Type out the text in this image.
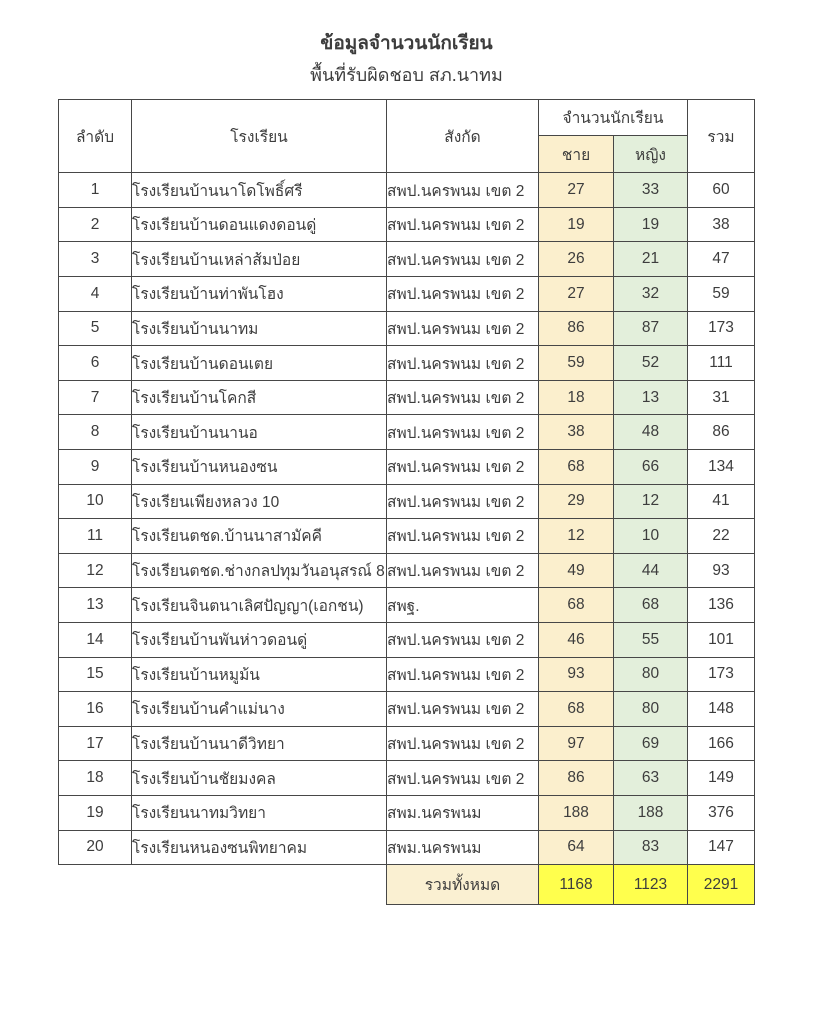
ข้อมูลจำนวนนักเรียน
พื้นที่รับผิดชอบ สภ.นาทม
ลำดับ	โรงเรียน	สังกัด	จำนวนนักเรียน		รวม
			ชาย	หญิง	
1	โรงเรียนบ้านนาโดโพธิ์ศรี	สพป.นครพนม เขต 2	27	33	60
2	โรงเรียนบ้านดอนแดงดอนดู่	สพป.นครพนม เขต 2	19	19	38
3	โรงเรียนบ้านเหล่าส้มป่อย	สพป.นครพนม เขต 2	26	21	47
4	โรงเรียนบ้านท่าพันโฮง	สพป.นครพนม เขต 2	27	32	59
5	โรงเรียนบ้านนาทม	สพป.นครพนม เขต 2	86	87	173
6	โรงเรียนบ้านดอนเตย	สพป.นครพนม เขต 2	59	52	111
7	โรงเรียนบ้านโคกสี	สพป.นครพนม เขต 2	18	13	31
8	โรงเรียนบ้านนานอ	สพป.นครพนม เขต 2	38	48	86
9	โรงเรียนบ้านหนองซน	สพป.นครพนม เขต 2	68	66	134
10	โรงเรียนเพียงหลวง 10	สพป.นครพนม เขต 2	29	12	41
11	โรงเรียนตชด.บ้านนาสามัคคี	สพป.นครพนม เขต 2	12	10	22
12	โรงเรียนตชด.ช่างกลปทุมวันอนุสรณ์ 8	สพป.นครพนม เขต 2	49	44	93
13	โรงเรียนจินตนาเลิศปัญญา(เอกชน)	สพฐ.	68	68	136
14	โรงเรียนบ้านพันห่าวดอนดู่	สพป.นครพนม เขต 2	46	55	101
15	โรงเรียนบ้านหมูม้น	สพป.นครพนม เขต 2	93	80	173
16	โรงเรียนบ้านคำแม่นาง	สพป.นครพนม เขต 2	68	80	148
17	โรงเรียนบ้านนาดีวิทยา	สพป.นครพนม เขต 2	97	69	166
18	โรงเรียนบ้านชัยมงคล	สพป.นครพนม เขต 2	86	63	149
19	โรงเรียนนาทมวิทยา	สพม.นครพนม	188	188	376
20	โรงเรียนหนองซนพิทยาคม	สพม.นครพนม	64	83	147
		รวมทั้งหมด	1168	1123	2291
